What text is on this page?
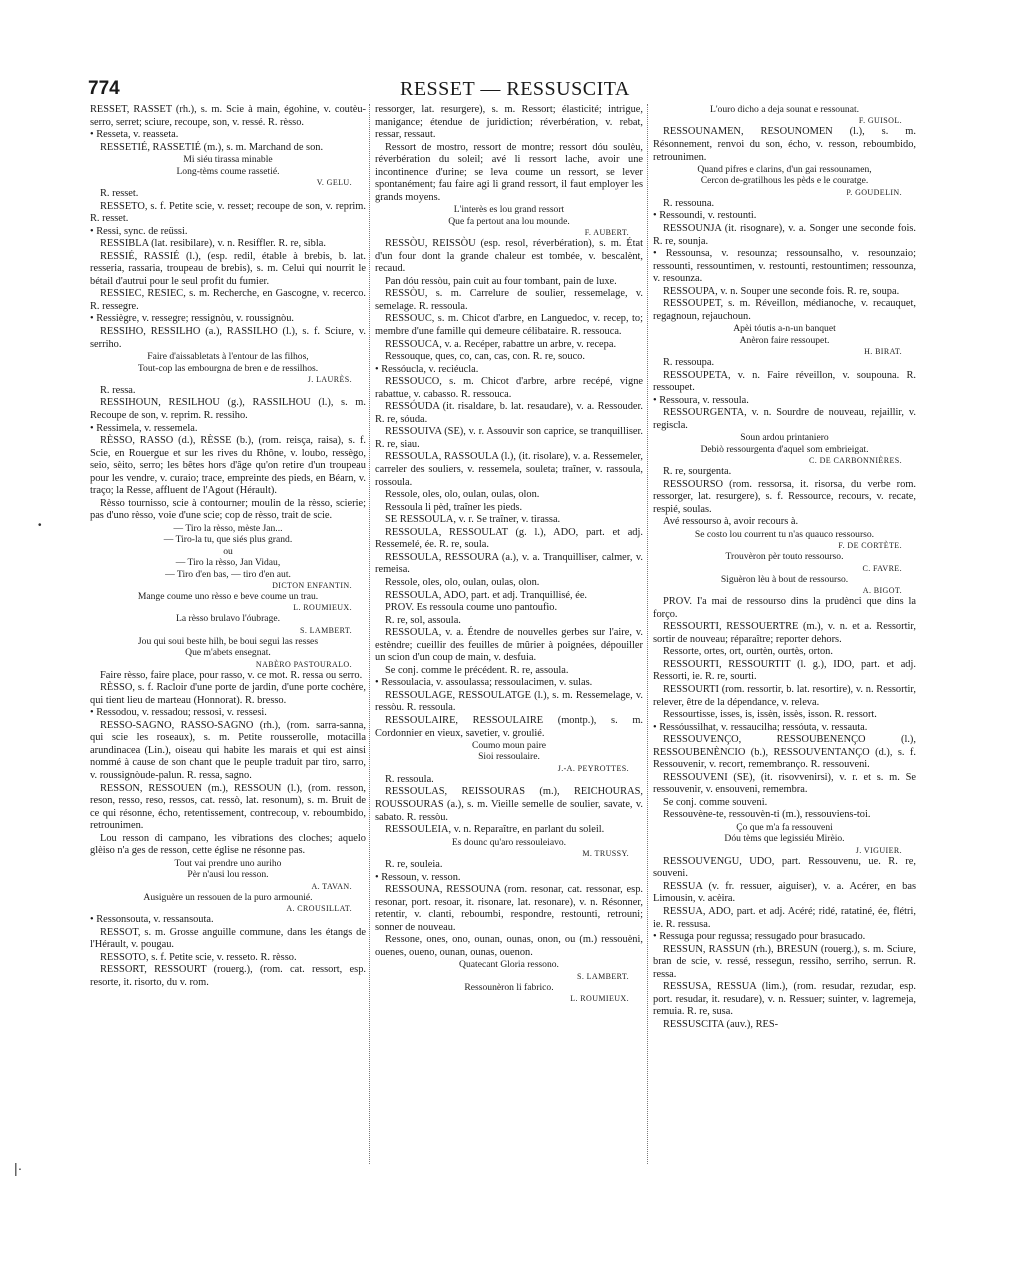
774	RESSET — RESSUSCITA

RESSET, RASSET (rh.), s. m. Scie à main, égohine, v. coutèu-serro, serret; sciure, recoupe, son, v. ressé. R. rèsso.

• Resseta, v. reasseta.

RESSETIÉ, RASSETIÉ (m.), s. m. Marchand de son.

Mi siéu tirassa minable

Long-tèms coume rassetié.

V. GELU.

R. resset.

RESSETO, s. f. Petite scie, v. resset; recoupe de son, v. reprim. R. resset.

• Ressi, sync. de reüssi.

RESSIBLA (lat. resibilare), v. n. Resiffler. R. re, sibla.

RESSIÉ, RASSIÉ (l.), (esp. redil, étable à brebis, b. lat. resseria, rassaria, troupeau de brebis), s. m. Celui qui nourrit le bétail d'autrui pour le seul profit du fumier.

RESSIEC, RESIEC, s. m. Recherche, en Gascogne, v. recerco. R. ressegre.

• Ressiègre, v. ressegre; ressignòu, v. roussignòu.

RESSIHO, RESSILHO (a.), RASSILHO (l.), s. f. Sciure, v. serriho.

Faire d'aissabletats à l'entour de las filhos,

Tout-cop las embourgna de bren e de ressilhos.

J. LAURÈS.

R. ressa.

RESSIHOUN, RESILHOU (g.), RASSILHOU (l.), s. m. Recoupe de son, v. reprim. R. ressiho.

• Ressimela, v. ressemela.

RÈSSO, RASSO (d.), RÈSSE (b.), (rom. reisça, raisa), s. f. Scie, en Rouergue et sur les rives du Rhône, v. loubo, ressègo, seio, sèito, serro; les bêtes hors d'âge qu'on retire d'un troupeau pour les vendre, v. curaio; trace, empreinte des pieds, en Béarn, v. traço; la Resse, affluent de l'Agout (Hérault).

Rèsso tournisso, scie à contourner; moulin de la rèsso, scierie; pas d'uno rèsso, voie d'une scie; cop de rèsso, trait de scie.

— Tiro la rèsso, mèste Jan...

— Tiro-la tu, que siés plus grand.

ou

— Tiro la rèsso, Jan Vidau,

— Tiro d'en bas, — tiro d'en aut.

DICTON ENFANTIN.

Mange coume uno rèsso e beve coume un trau.

L. ROUMIEUX.

La rèsso brulavo l'óubrage.

S. LAMBERT.

Jou qui soui beste hilh, be boui segui las resses

Que m'abets ensegnat.

NABÈRO PASTOURALO.

Faire rèsso, faire place, pour rasso, v. ce mot. R. ressa ou serro.

RÈSSO, s. f. Racloir d'une porte de jardin, d'une porte cochère, qui tient lieu de marteau (Honnorat). R. bresso.

• Ressodou, v. ressadou; ressosi, v. ressesi.

RESSO-SAGNO, RASSO-SAGNO (rh.), (rom. sarra-sanna, qui scie les roseaux), s. m. Petite rousserolle, motacilla arundinacea (Lin.), oiseau qui habite les marais et qui est ainsi nommé à cause de son chant que le peuple traduit par tiro, sarro, v. roussignòude-palun. R. ressa, sagno.

RESSON, RESSOUEN (m.), RESSOUN (l.), (rom. resson, reson, resso, reso, ressos, cat. ressò, lat. resonum), s. m. Bruit de ce qui résonne, écho, retentissement, contrecoup, v. reboumbido, retrounimen.

Lou resson di campano, les vibrations des cloches; aquelo glèiso n'a ges de resson, cette église ne résonne pas.

Tout vai prendre uno auriho

Pèr n'ausi lou resson.

A. TAVAN.

Ausiguère un ressouen de la puro armounié.

A. CROUSILLAT.

• Ressonsouta, v. ressansouta.

RESSOT, s. m. Grosse anguille commune, dans les étangs de l'Hérault, v. pougau.

RESSOTO, s. f. Petite scie, v. resseto. R. rèsso.

RESSORT, RESSOURT (rouerg.), (rom. cat. ressort, esp. resorte, it. risorto, du v. rom.

ressorger, lat. resurgere), s. m. Ressort; élasticité; intrigue, manigance; étendue de juridiction; réverbération, v. rebat, ressar, ressaut.

Ressort de mostro, ressort de montre; ressort dóu soulèu, réverbération du soleil; avé li ressort lache, avoir une incontinence d'urine; se leva coume un ressort, se lever spontanément; fau faire agi li grand ressort, il faut employer les grands moyens.

L'interès es lou grand ressort

Que fa pertout ana lou mounde.

F. AUBERT.

RESSÒU, REISSÒU (esp. resol, réverbération), s. m. État d'un four dont la grande chaleur est tombée, v. bescalènt, recaud.

Pan dóu ressòu, pain cuit au four tombant, pain de luxe.

RESSÒU, s. m. Carrelure de soulier, ressemelage, v. semelage. R. ressoula.

RESSOUC, s. m. Chicot d'arbre, en Languedoc, v. recep, to; membre d'une famille qui demeure célibataire. R. ressouca.

RESSOUCA, v. a. Recéper, rabattre un arbre, v. recepa.

Ressouque, ques, co, can, cas, con. R. re, souco.

• Ressóucla, v. reciéucla.

RESSOUCO, s. m. Chicot d'arbre, arbre recépé, vigne rabattue, v. cabasso. R. ressouca.

RESSÓUDA (it. risaldare, b. lat. resaudare), v. a. Ressouder. R. re, sóuda.

RESSOUIVA (SE), v. r. Assouvir son caprice, se tranquilliser. R. re, siau.

RESSOULA, RASSOULA (l.), (it. risolare), v. a. Ressemeler, carreler des souliers, v. ressemela, souleta; traîner, v. rassoula, rossoula.

Ressole, oles, olo, oulan, oulas, olon.

Ressoula li pèd, traîner les pieds.

SE RESSOULA, v. r. Se traîner, v. tirassa.

RESSOULA, RESSOULAT (g. l.), ADO, part. et adj. Ressemelé, ée. R. re, soula.

RESSOULA, RESSOURA (a.), v. a. Tranquilliser, calmer, v. remeisa.

Ressole, oles, olo, oulan, oulas, olon.

RESSOULA, ADO, part. et adj. Tranquillisé, ée.

PROV. Es ressoula coume uno pantoufio.

R. re, sol, assoula.

RESSOULA, v. a. Étendre de nouvelles gerbes sur l'aire, v. estèndre; cueillir des feuilles de mûrier à poignées, dépouiller un scion d'un coup de main, v. desfuia.

Se conj. comme le précédent. R. re, assoula.

• Ressoulacia, v. assoulassa; ressoulacimen, v. sulas.

RESSOULAGE, RESSOULATGE (l.), s. m. Ressemelage, v. ressòu. R. ressoula.

RESSOULAIRE, RESSOULAIRE (montp.), s. m. Cordonnier en vieux, savetier, v. groulié.

Coumo moun paire

Sioi ressoulaire.

J.-A. PEYROTTES.

R. ressoula.

RESSOULAS, REISSOURAS (m.), REICHOURAS, ROUSSOURAS (a.), s. m. Vieille semelle de soulier, savate, v. sabato. R. ressòu.

RESSOULEIA, v. n. Reparaître, en parlant du soleil.

Es dounc qu'aro ressouleiavo.

M. TRUSSY.

R. re, souleia.

• Ressoun, v. resson.

RESSOUNA, RESSOUNA (rom. resonar, cat. ressonar, esp. resonar, port. resoar, it. risonare, lat. resonare), v. n. Résonner, retentir, v. clanti, reboumbi, respondre, restounti, retrouni; sonner de nouveau.

Ressone, ones, ono, ounan, ounas, onon, ou (m.) ressouèni, ouenes, oueno, ounan, ounas, ouenon.

Quatecant Gloria ressono.

S. LAMBERT.

Ressounèron li fabrico.

L. ROUMIEUX.

L'ouro dicho a deja sounat e ressounat.

F. GUISOL.

RESSOUNAMEN, RESOUNOMEN (l.), s. m. Résonnement, renvoi du son, écho, v. resson, reboumbido, retrounimen.

Quand pifres e clarins, d'un gai ressounamen,

Cercon de-gratilhous les pèds e le couratge.

P. GOUDELIN.

R. ressouna.

• Ressoundi, v. restounti.

RESSOUNJA (it. risognare), v. a. Songer une seconde fois. R. re, sounja.

• Ressounsa, v. resounza; ressounsalho, v. resounzaio; ressounti, ressountimen, v. restounti, restountimen; ressounza, v. resounza.

RESSOUPA, v. n. Souper une seconde fois. R. re, soupa.

RESSOUPET, s. m. Réveillon, médianoche, v. recauquet, regagnoun, rejauchoun.

Apèi tóutis a-n-un banquet

Anèron faire ressoupet.

H. BIRAT.

R. ressoupa.

RESSOUPETA, v. n. Faire réveillon, v. soupouna. R. ressoupet.

• Ressoura, v. ressoula.

RESSOURGENTA, v. n. Sourdre de nouveau, rejaillir, v. regiscla.

Soun ardou printaniero

Debiò ressourgenta d'aquel som embrieigat.

C. DE CARBONNIÈRES.

R. re, sourgenta.

RESSOURSO (rom. ressorsa, it. risorsa, du verbe rom. ressorger, lat. resurgere), s. f. Ressource, recours, v. recate, respié, soulas.

Avé ressourso à, avoir recours à.

Se costo lou courrent tu n'as quauco ressourso.

F. DE CORTÈTE.

Trouvèron pèr touto ressourso.

C. FAVRE.

Siguèron lèu à bout de ressourso.

A. BIGOT.

PROV. I'a mai de ressourso dins la prudènci que dins la forço.

RESSOURTI, RESSOUERTRE (m.), v. n. et a. Ressortir, sortir de nouveau; réparaître; reporter dehors.

Ressorte, ortes, ort, ourtèn, ourtès, orton.

RESSOURTI, RESSOURTIT (l. g.), IDO, part. et adj. Ressorti, ie. R. re, sourti.

RESSOURTI (rom. ressortir, b. lat. resortire), v. n. Ressortir, relever, être de la dépendance, v. releva.

Ressourtisse, isses, is, issèn, issès, isson. R. ressort.

• Ressóussilhat, v. ressaucilha; ressóuta, v. ressauta.

RESSOUVENÇO, RESSOUBENENÇO (l.), RESSOUBENÈNCIO (b.), RESSOUVENTANÇO (d.), s. f. Ressouvenir, v. recort, remembranço. R. ressouveni.

RESSOUVENI (SE), (it. risovvenirsi), v. r. et s. m. Se ressouvenir, v. ensouveni, remembra.

Se conj. comme souveni.

Ressouvène-te, ressouvèn-ti (m.), ressouviens-toi.

Ço que m'a fa ressouveni

Dóu tèms que legissiéu Mirèio.

J. VIGUIER.

RESSOUVENGU, UDO, part. Ressouvenu, ue. R. re, souveni.

RESSUA (v. fr. ressuer, aiguiser), v. a. Acérer, en bas Limousin, v. acèira.

RESSUA, ADO, part. et adj. Acéré; ridé, ratatiné, ée, flétri, ie. R. ressusa.

• Ressuga pour regussa; ressugado pour brasucado.

RESSUN, RASSUN (rh.), BRESUN (rouerg.), s. m. Sciure, bran de scie, v. ressé, ressegun, ressiho, serriho, serrun. R. ressa.

RESSUSA, RESSUA (lim.), (rom. resudar, rezudar, esp. port. resudar, it. resudare), v. n. Ressuer; suinter, v. lagremeja, remuia. R. re, susa.

RESSUSCITA (auv.), RES-

•
|·
